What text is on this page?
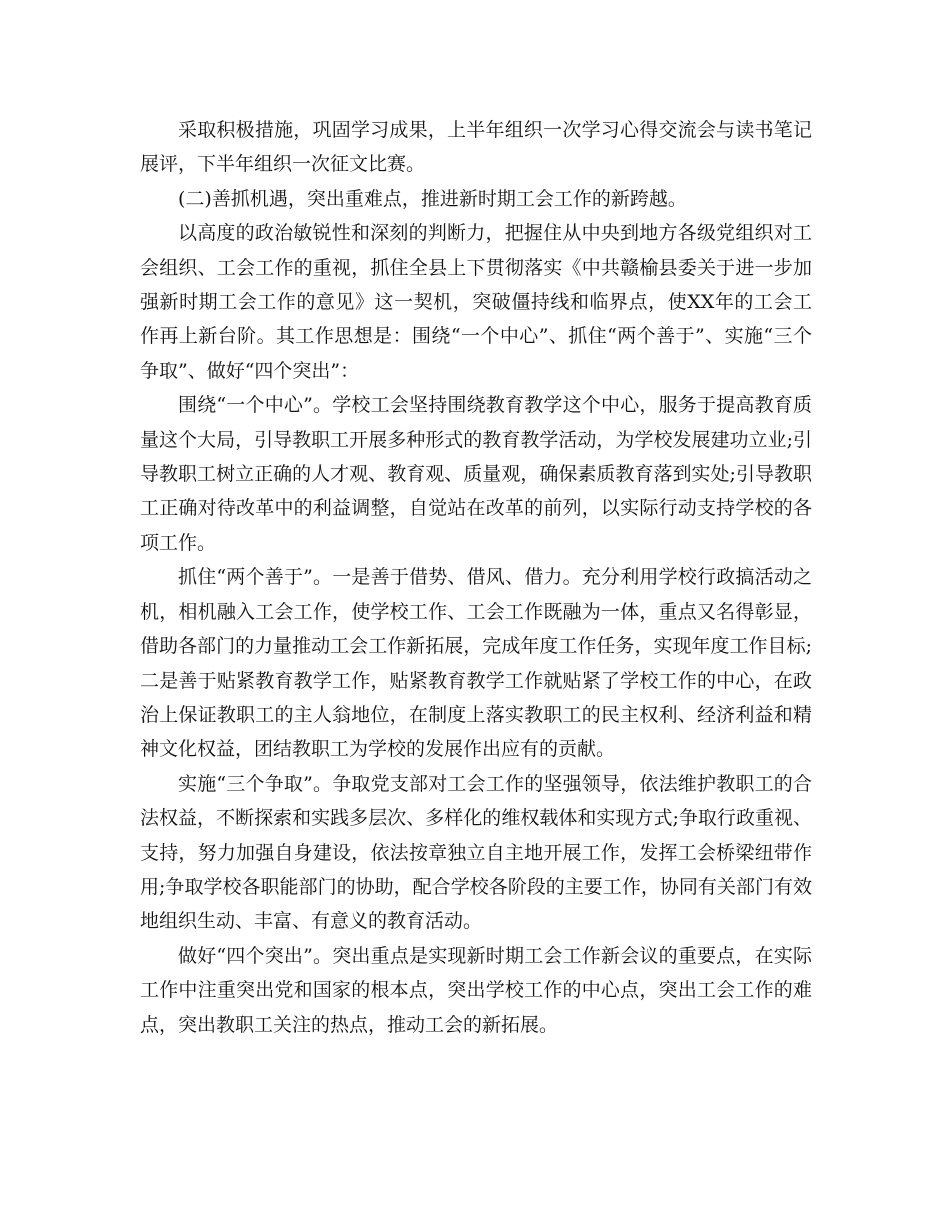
采取积极措施，巩固学习成果，上半年组织一次学习心得交流会与读书笔记展评，下半年组织一次征文比赛。

(二)善抓机遇，突出重难点，推进新时期工会工作的新跨越。

以高度的政治敏锐性和深刻的判断力，把握住从中央到地方各级党组织对工会组织、工会工作的重视，抓住全县上下贯彻落实《中共赣榆县委关于进一步加强新时期工会工作的意见》这一契机，突破僵持线和临界点，使XX年的工会工作再上新台阶。其工作思想是：围绕“一个中心”、抓住“两个善于”、实施“三个争取”、做好“四个突出”：

围绕“一个中心”。学校工会坚持围绕教育教学这个中心，服务于提高教育质量这个大局，引导教职工开展多种形式的教育教学活动，为学校发展建功立业;引导教职工树立正确的人才观、教育观、质量观，确保素质教育落到实处;引导教职工正确对待改革中的利益调整，自觉站在改革的前列，以实际行动支持学校的各项工作。

抓住“两个善于”。一是善于借势、借风、借力。充分利用学校行政搞活动之机，相机融入工会工作，使学校工作、工会工作既融为一体，重点又名得彰显，借助各部门的力量推动工会工作新拓展，完成年度工作任务，实现年度工作目标;二是善于贴紧教育教学工作，贴紧教育教学工作就贴紧了学校工作的中心，在政治上保证教职工的主人翁地位，在制度上落实教职工的民主权利、经济利益和精神文化权益，团结教职工为学校的发展作出应有的贡献。

实施“三个争取”。争取党支部对工会工作的坚强领导，依法维护教职工的合法权益，不断探索和实践多层次、多样化的维权载体和实现方式;争取行政重视、支持，努力加强自身建设，依法按章独立自主地开展工作，发挥工会桥梁纽带作用;争取学校各职能部门的协助，配合学校各阶段的主要工作，协同有关部门有效地组织生动、丰富、有意义的教育活动。

做好“四个突出”。突出重点是实现新时期工会工作新会议的重要点，在实际工作中注重突出党和国家的根本点，突出学校工作的中心点，突出工会工作的难点，突出教职工关注的热点，推动工会的新拓展。
